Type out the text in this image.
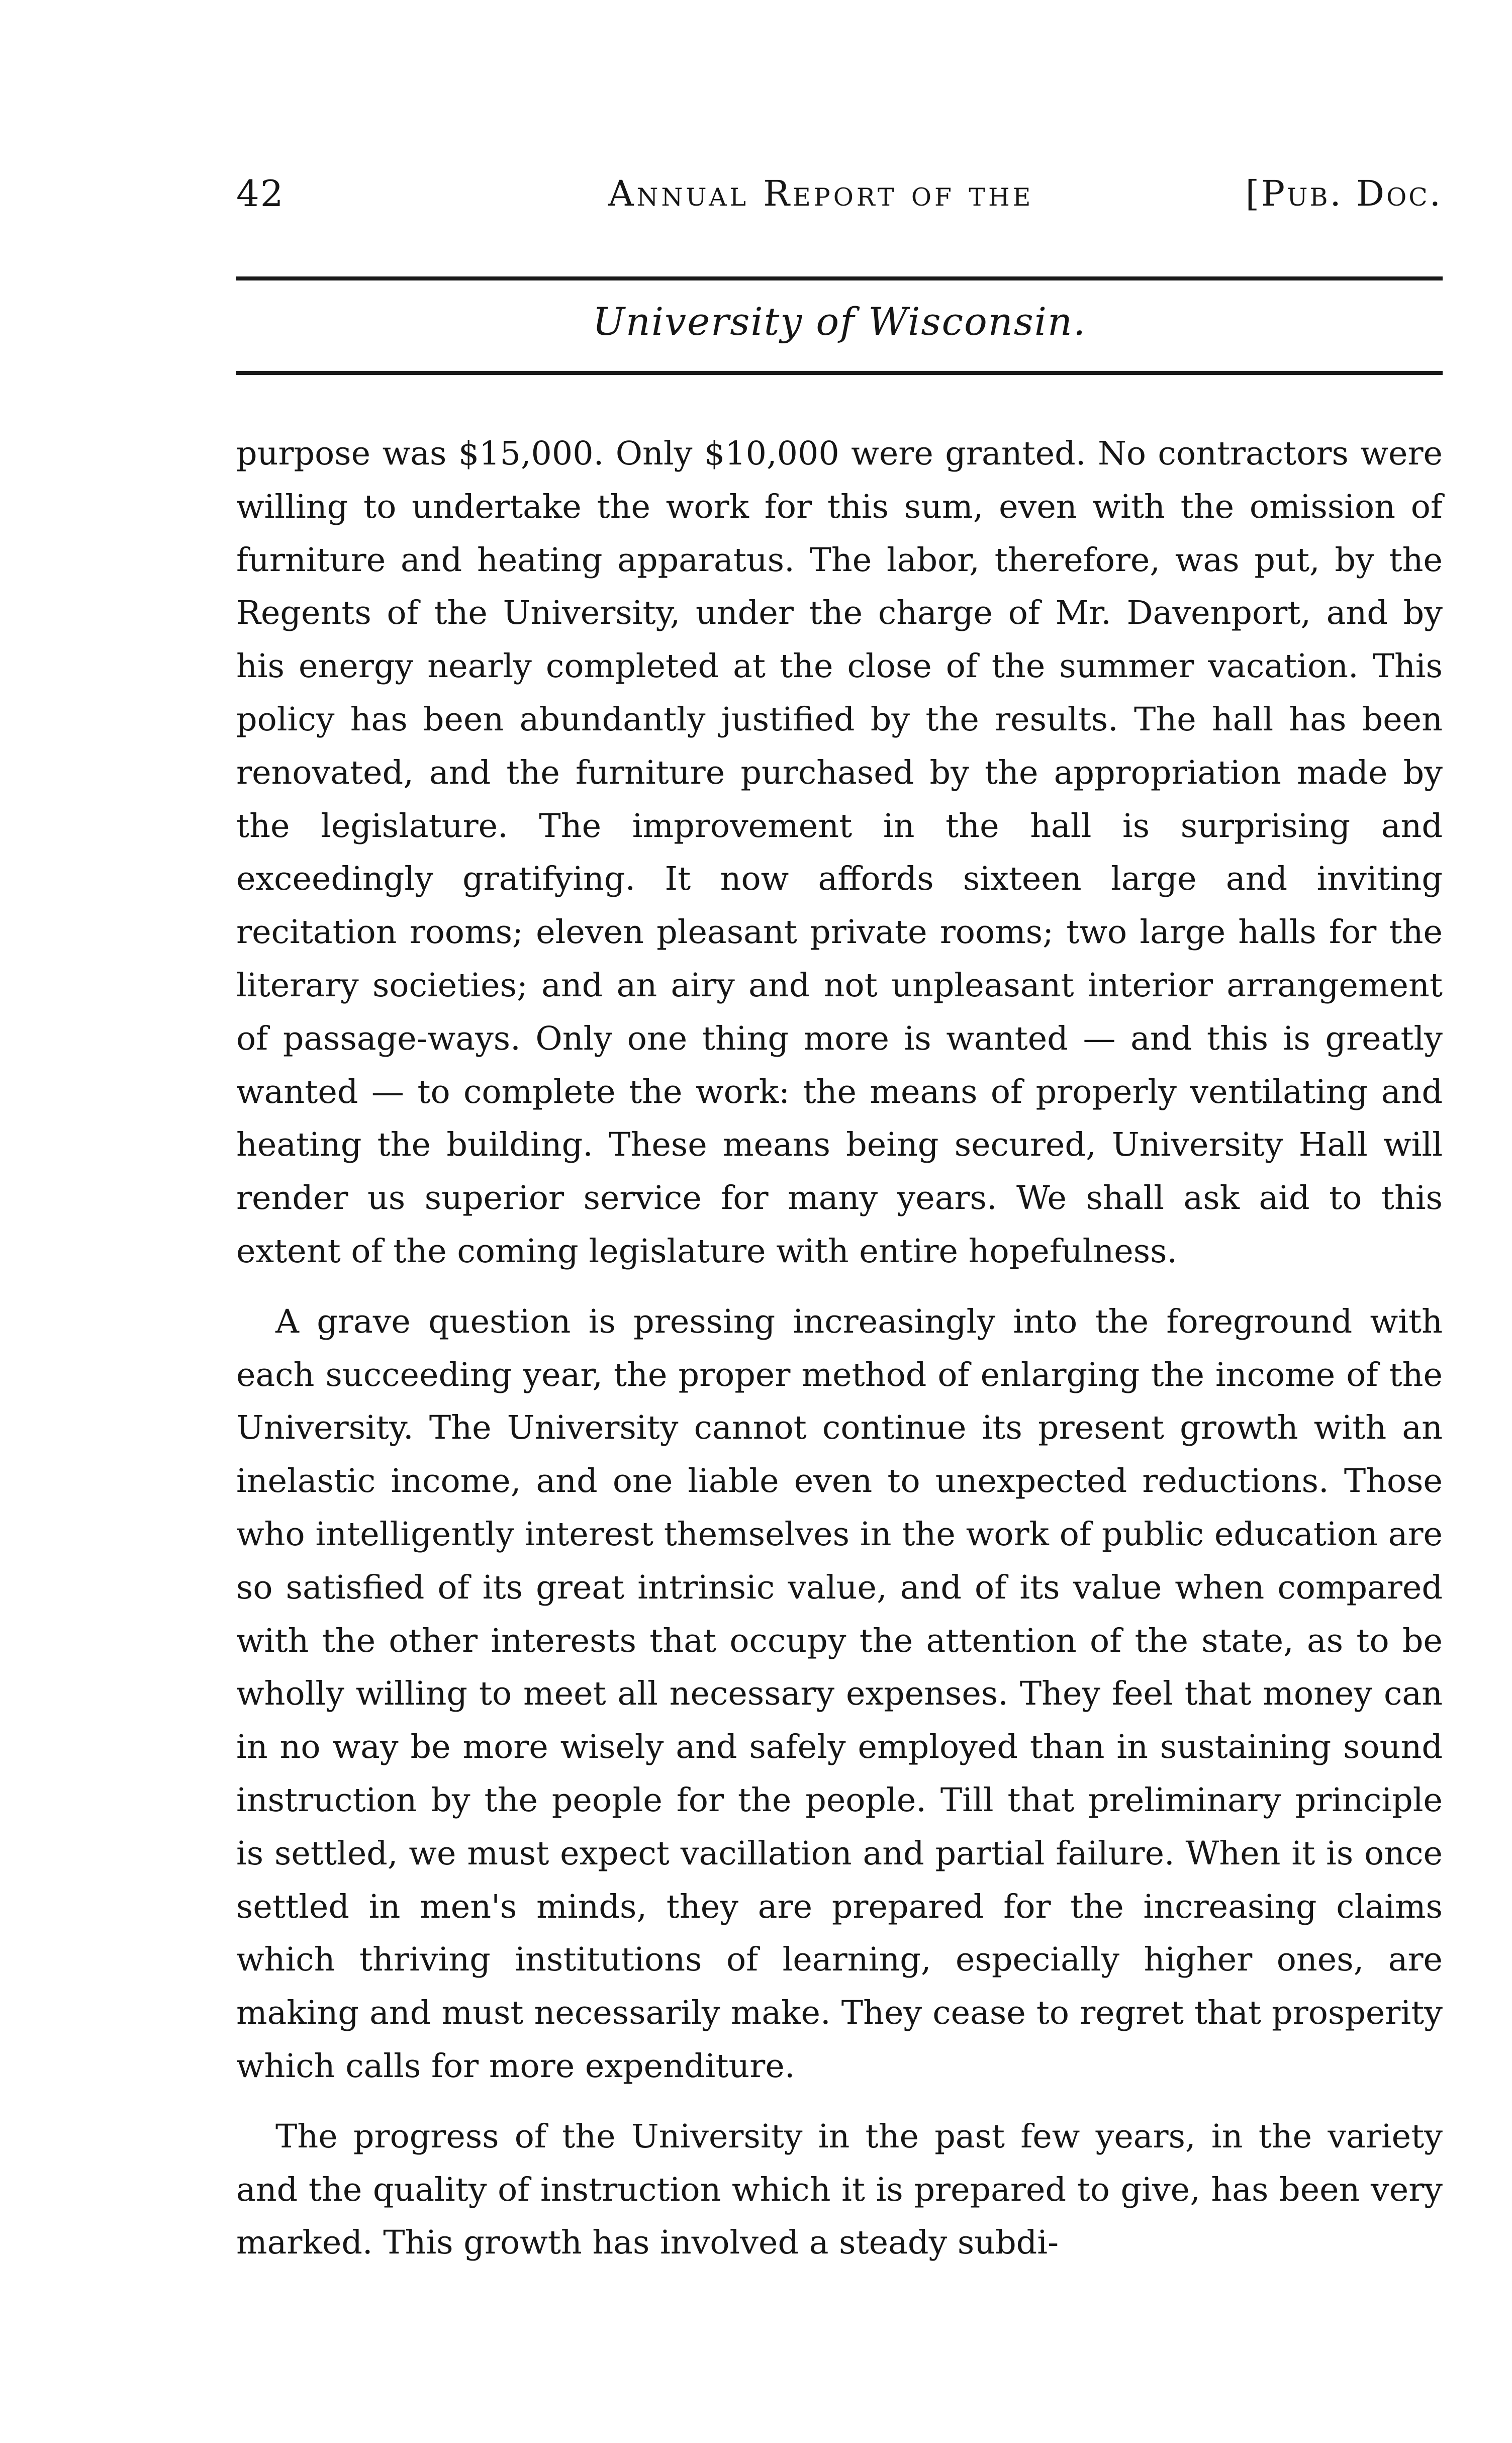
42	Annual Report of the	[Pub. Doc.
University of Wisconsin.

purpose was $15,000. Only $10,000 were granted. No contractors were willing to undertake the work for this sum, even with the omission of furniture and heating apparatus. The labor, therefore, was put, by the Regents of the University, under the charge of Mr. Davenport, and by his energy nearly completed at the close of the summer vacation. This policy has been abundantly justified by the results. The hall has been renovated, and the furniture purchased by the appropriation made by the legislature. The improvement in the hall is surprising and exceedingly gratifying. It now affords sixteen large and inviting recitation rooms; eleven pleasant private rooms; two large halls for the literary societies; and an airy and not unpleasant interior arrangement of passage-ways. Only one thing more is wanted — and this is greatly wanted — to complete the work: the means of properly ventilating and heating the building. These means being secured, University Hall will render us superior service for many years. We shall ask aid to this extent of the coming legislature with entire hopefulness.

A grave question is pressing increasingly into the foreground with each succeeding year, the proper method of enlarging the income of the University. The University cannot continue its present growth with an inelastic income, and one liable even to unexpected reductions. Those who intelligently interest themselves in the work of public education are so satisfied of its great intrinsic value, and of its value when compared with the other interests that occupy the attention of the state, as to be wholly willing to meet all necessary expenses. They feel that money can in no way be more wisely and safely employed than in sustaining sound instruction by the people for the people. Till that preliminary principle is settled, we must expect vacillation and partial failure. When it is once settled in men's minds, they are prepared for the increasing claims which thriving institutions of learning, especially higher ones, are making and must necessarily make. They cease to regret that prosperity which calls for more expenditure.

The progress of the University in the past few years, in the variety and the quality of instruction which it is prepared to give, has been very marked. This growth has involved a steady subdi-
